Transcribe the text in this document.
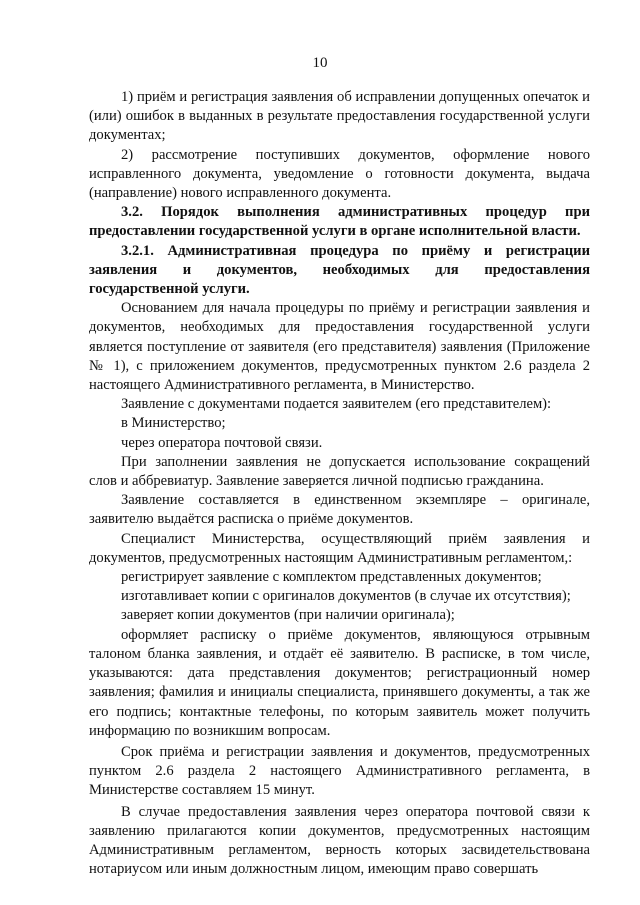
10

1) приём и регистрация заявления об исправлении допущенных опечаток и (или) ошибок в выданных в результате предоставления государственной услуги документах;

2) рассмотрение поступивших документов, оформление нового исправленного документа, уведомление о готовности документа, выдача (направление) нового исправленного документа.

3.2. Порядок выполнения административных процедур при предоставлении государственной услуги в органе исполнительной власти.

3.2.1. Административная процедура по приёму и регистрации заявления и документов, необходимых для предоставления государственной услуги.

Основанием для начала процедуры по приёму и регистрации заявления и документов, необходимых для предоставления государственной услуги является поступление от заявителя (его представителя) заявления (Приложение № 1), с приложением документов, предусмотренных пунктом 2.6 раздела 2 настоящего Административного регламента, в Министерство.

Заявление с документами подается заявителем (его представителем):

в Министерство;

через оператора почтовой связи.

При заполнении заявления не допускается использование сокращений слов и аббревиатур. Заявление заверяется личной подписью гражданина.

Заявление составляется в единственном экземпляре – оригинале, заявителю выдаётся расписка о приёме документов.

Специалист Министерства, осуществляющий приём заявления и документов, предусмотренных настоящим Административным регламентом,:

регистрирует заявление с комплектом представленных документов;

изготавливает копии с оригиналов документов (в случае их отсутствия);

заверяет копии документов (при наличии оригинала);

оформляет расписку о приёме документов, являющуюся отрывным талоном бланка заявления, и отдаёт её заявителю. В расписке, в том числе, указываются: дата представления документов; регистрационный номер заявления; фамилия и инициалы специалиста, принявшего документы, а так же его подпись; контактные телефоны, по которым заявитель может получить информацию по возникшим вопросам.

Срок приёма и регистрации заявления и документов, предусмотренных пунктом 2.6 раздела 2 настоящего Административного регламента, в Министерстве составляем 15 минут.

В случае предоставления заявления через оператора почтовой связи к заявлению прилагаются копии документов, предусмотренных настоящим Административным регламентом, верность которых засвидетельствована нотариусом или иным должностным лицом, имеющим право совершать
